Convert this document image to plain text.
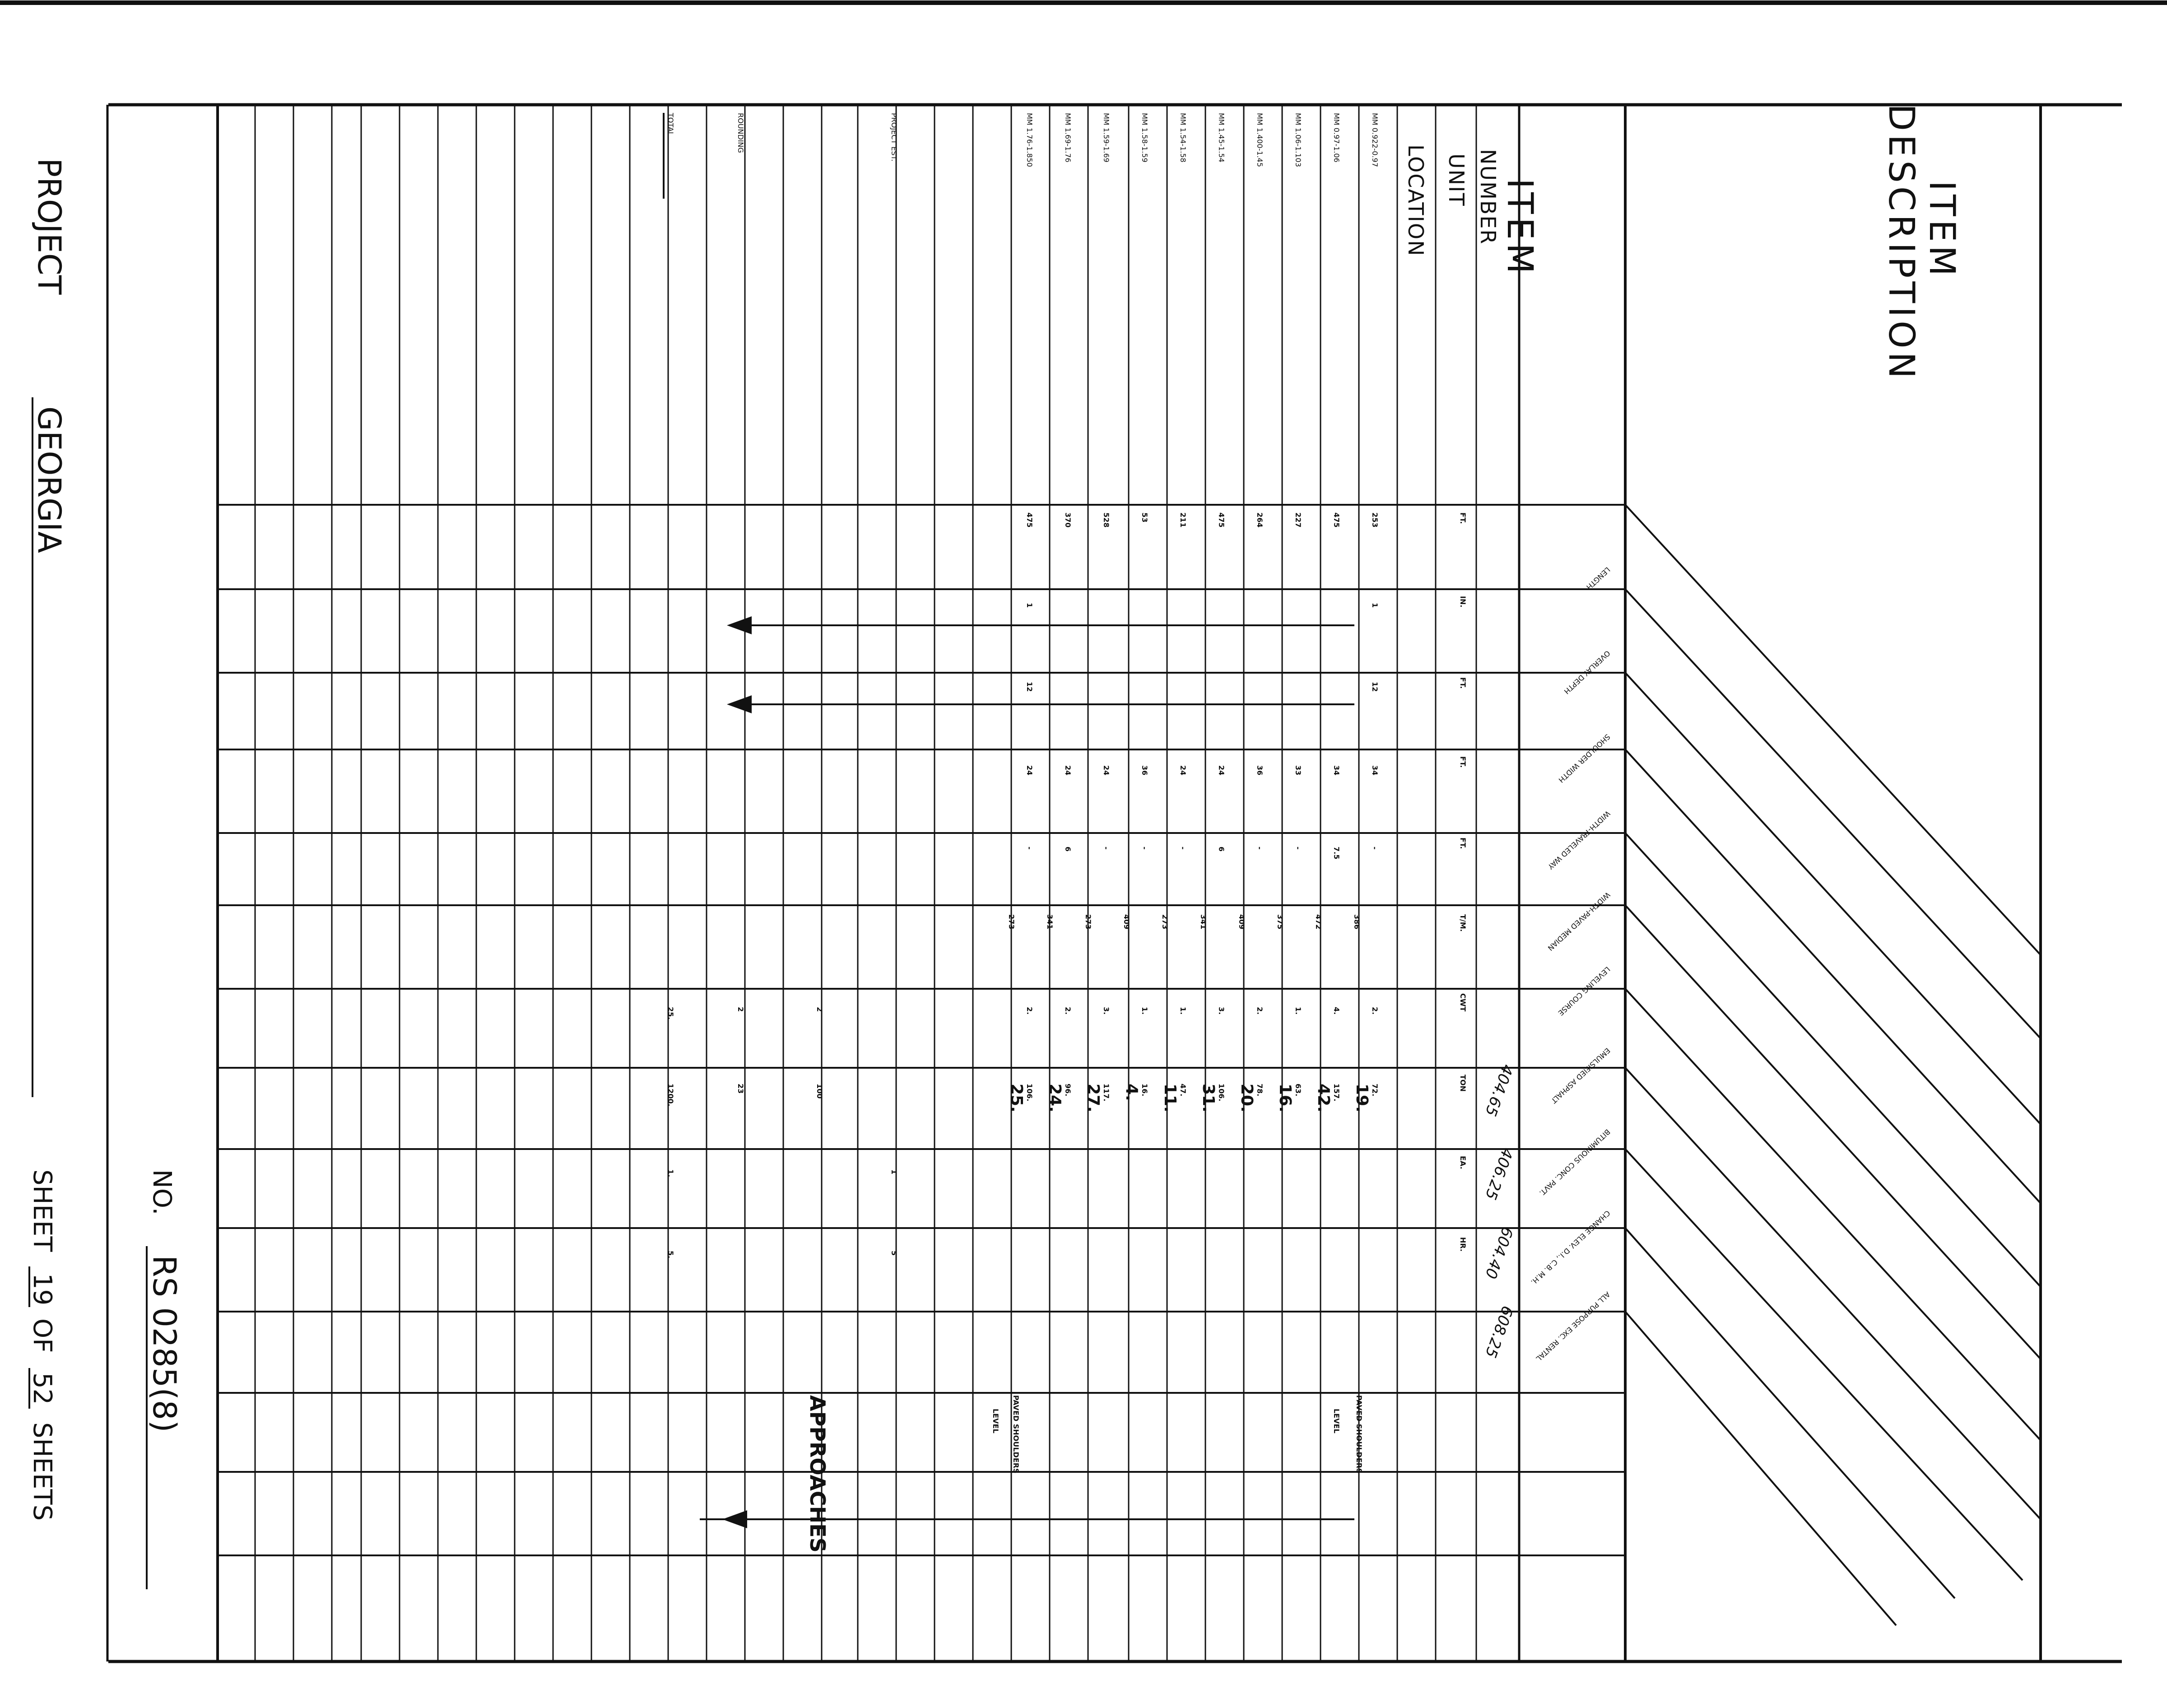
ITEM
DESCRIPTION
ITEM
NUMBER
UNIT
LOCATION
LENGTH
OVERLAY DEPTH
SHOULDER WIDTH
WIDTH-TRAVELED WAY
WIDTH-PAVED MEDIAN
LEVELING COURSE
EMULSIFIED ASPHALT
BITUMINOUS CONC. PAVT.
CHANGE ELEV. D.I., C.B. M.H.
ALL PURPOSE EXC. RENTAL
404.65
406.25
604.40
608.25
FT.
IN.
FT.
FT.
FT.
T/M.
CWT
TON
EA.
HR.
MM 0.922-0.97
MM 0.97-1.06
MM 1.06-1.103
MM 1.400-1.45
MM 1.45-1.54
MM 1.54-1.58
MM 1.58-1.59
MM 1.59-1.69
MM 1.69-1.76
MM 1.76-1.850
PROJECT EST.
ROUNDING
TOTAL
253
475
227
264
475
211
53
528
370
475
1
1
12
12
34
34
33
36
24
24
36
24
24
24
-
7.5
-
-
6
-
-
-
6
-
386
472
375
409
341
273
409
273
341
273
2.
4.
1.
2.
3.
1.
1.
3.
2.
2.
2
2
25.
72.
19.
157.
42.
63.
16.
78.
20.
106.
31.
47.
11.
16.
4.
117.
27.
96.
24.
106.
25.
100
23
1200.
1
1.
5
5.
PAVED SHOULDERS
LEVEL
PAVED SHOULDERS
LEVEL
APPROACHES
PROJECT
GEORGIA
NO.
RS 0285(8)
SHEET
19
OF
52
SHEETS
